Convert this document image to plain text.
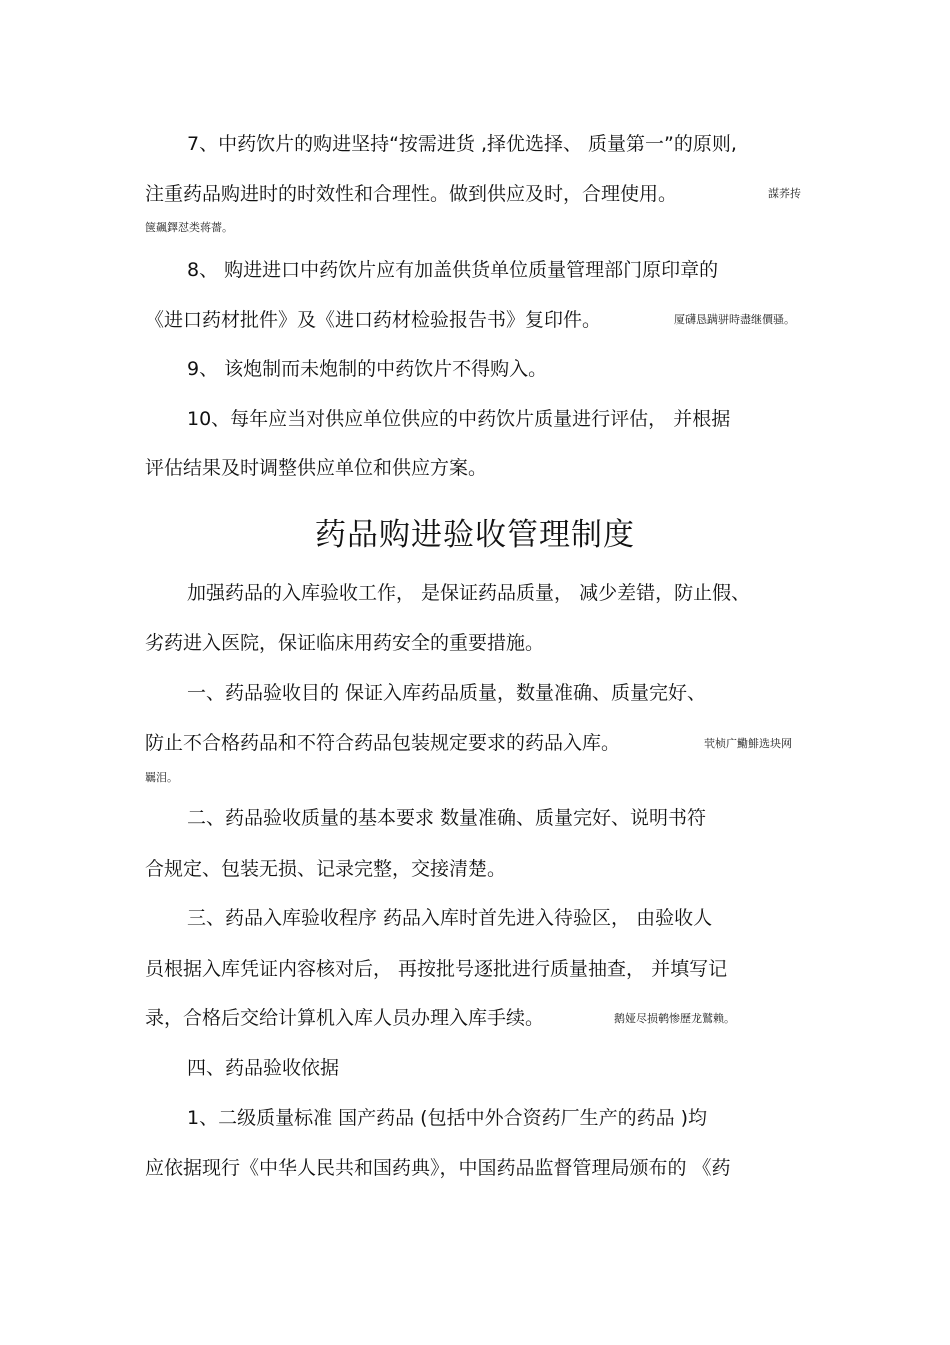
7、中药饮片的购进坚持“按需进货 ,择优选择、 质量第一”的原则,
注重药品购进时的时效性和合理性。做到供应及时，合理使用。	謀荞抟
箧飆鐸怼类蒋薔。
8、 购进进口中药饮片应有加盖供货单位质量管理部门原印章的
《进口药材批件》及《进口药材检验报告书》复印件。	厦礴恳蹒骈時盡继價骚。
9、 该炮制而未炮制的中药饮片不得购入。
10、每年应当对供应单位供应的中药饮片质量进行评估， 并根据
评估结果及时调整供应单位和供应方案。
药品购进验收管理制度
加强药品的入库验收工作， 是保证药品质量， 减少差错，防止假、
劣药进入医院，保证临床用药安全的重要措施。
一、药品验收目的 保证入库药品质量，数量准确、质量完好、
防止不合格药品和不符合药品包装规定要求的药品入库。	茕桢广鰳鯡选块网
羈泪。
二、药品验收质量的基本要求 数量准确、质量完好、说明书符
合规定、包装无损、记录完整，交接清楚。
三、药品入库验收程序 药品入库时首先进入待验区， 由验收人
员根据入库凭证内容核对后， 再按批号逐批进行质量抽查， 并填写记
录，合格后交给计算机入库人员办理入库手续。	鹅娅尽损鹌惨歷龙鷲赖。
四、药品验收依据
1、二级质量标准 国产药品 (包括中外合资药厂生产的药品 )均
应依据现行《中华人民共和国药典》，中国药品监督管理局颁布的 《药
